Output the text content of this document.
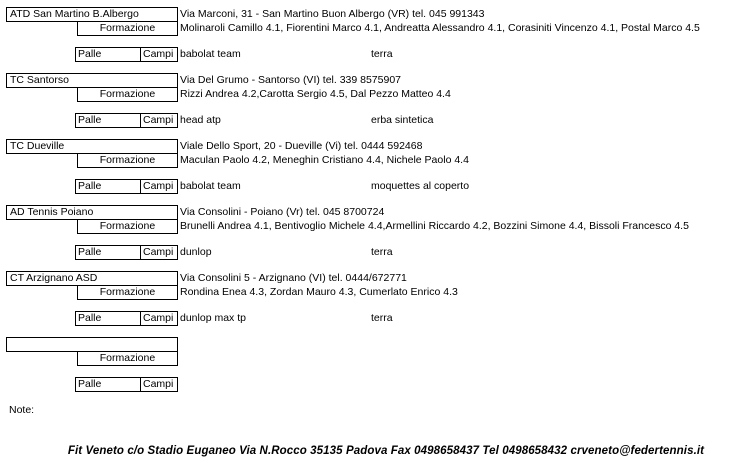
ATD San Martino B.Albergo	Via Marconi, 31 - San Martino Buon Albergo (VR) tel. 045 991343
Formazione	Molinaroli Camillo 4.1, Fiorentini Marco 4.1, Andreatta Alessandro 4.1, Corasiniti Vincenzo 4.1, Postal Marco 4.5
Palle	Campi babolat team	terra
TC Santorso	Via Del Grumo - Santorso (VI) tel. 339 8575907
Formazione	Rizzi Andrea 4.2,Carotta Sergio 4.5, Dal Pezzo Matteo 4.4
Palle	Campi head atp	erba sintetica
TC Dueville	Viale Dello Sport, 20 - Dueville (Vi) tel. 0444 592468
Formazione	Maculan Paolo 4.2, Meneghin Cristiano 4.4, Nichele Paolo 4.4
Palle	Campi babolat team	moquettes al coperto
AD Tennis Poiano	Via Consolini - Poiano (Vr) tel. 045 8700724
Formazione	Brunelli Andrea 4.1, Bentivoglio Michele 4.4,Armellini Riccardo 4.2, Bozzini Simone 4.4, Bissoli Francesco 4.5
Palle	Campi dunlop	terra
CT Arzignano ASD	Via Consolini 5 - Arzignano (VI) tel. 0444/672771
Formazione	Rondina Enea 4.3, Zordan Mauro 4.3, Cumerlato Enrico 4.3
Palle	Campi dunlop max tp	terra
Formazione
Palle	Campi
Note:
Fit Veneto c/o Stadio Euganeo Via N.Rocco 35135 Padova Fax 0498658437 Tel 0498658432 crveneto@federtennis.it
